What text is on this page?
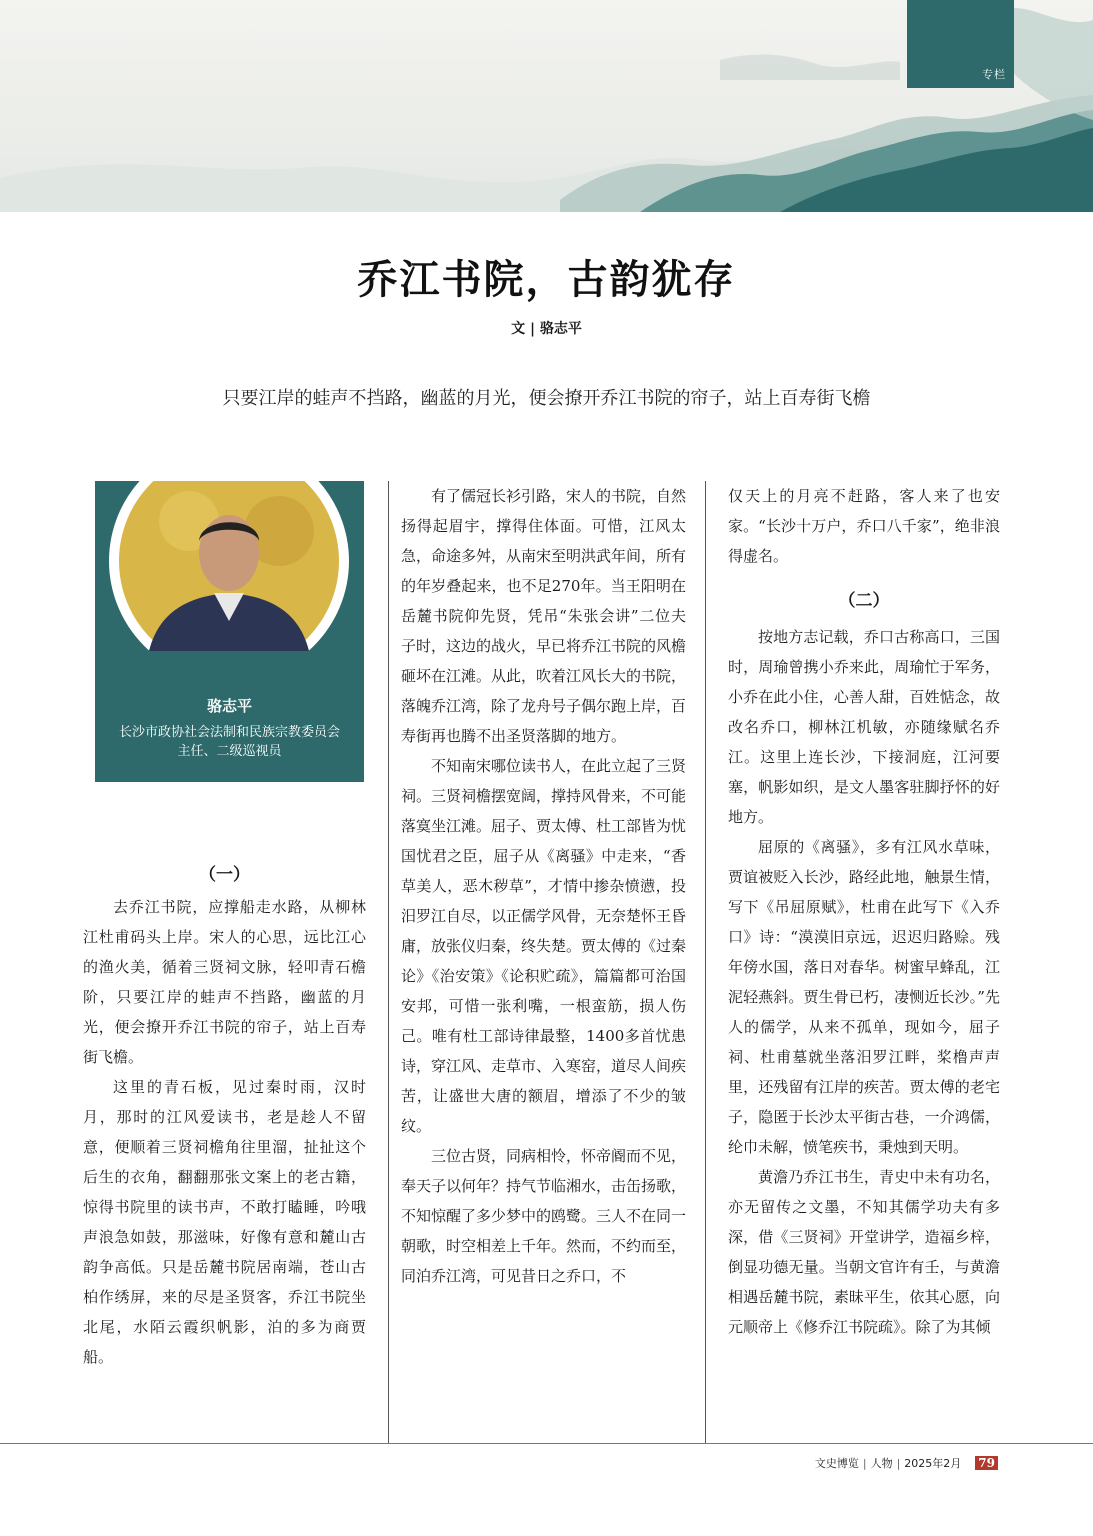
专栏
乔江书院，古韵犹存
文 | 骆志平
只要江岸的蛙声不挡路，幽蓝的月光，便会撩开乔江书院的帘子，站上百寿街飞檐
骆志平
长沙市政协社会法制和民族宗教委员会
主任、二级巡视员
（一）

去乔江书院，应撑船走水路，从柳林江杜甫码头上岸。宋人的心思，远比江心的渔火美，循着三贤祠文脉，轻叩青石檐阶，只要江岸的蛙声不挡路，幽蓝的月光，便会撩开乔江书院的帘子，站上百寿街飞檐。

这里的青石板，见过秦时雨，汉时月，那时的江风爱读书，老是趁人不留意，便顺着三贤祠檐角往里溜，扯扯这个后生的衣角，翻翻那张文案上的老古籍，惊得书院里的读书声，不敢打瞌睡，吟哦声浪急如鼓，那滋味，好像有意和麓山古韵争高低。只是岳麓书院居南端，苍山古柏作绣屏，来的尽是圣贤客，乔江书院坐北尾，水陌云霞织帆影，泊的多为商贾船。

有了儒冠长衫引路，宋人的书院，自然扬得起眉宇，撑得住体面。可惜，江风太急，命途多舛，从南宋至明洪武年间，所有的年岁叠起来，也不足270年。当王阳明在岳麓书院仰先贤，凭吊“朱张会讲”二位夫子时，这边的战火，早已将乔江书院的风檐砸坏在江滩。从此，吹着江风长大的书院，落魄乔江湾，除了龙舟号子偶尔跑上岸，百寿街再也腾不出圣贤落脚的地方。

不知南宋哪位读书人，在此立起了三贤祠。三贤祠檐摆宽阔，撑持风骨来，不可能落寞坐江滩。屈子、贾太傅、杜工部皆为忧国忧君之臣，屈子从《离骚》中走来，“香草美人，恶木秽草”，才情中掺杂愤懑，投汨罗江自尽，以正儒学风骨，无奈楚怀王昏庸，放张仪归秦，终失楚。贾太傅的《过秦论》《治安策》《论积贮疏》，篇篇都可治国安邦，可惜一张利嘴，一根蛮筋，损人伤己。唯有杜工部诗律最整，1400多首忧患诗，穿江风、走草市、入寒窑，道尽人间疾苦，让盛世大唐的额眉，增添了不少的皱纹。

三位古贤，同病相怜，怀帝阍而不见，奉天子以何年？持气节临湘水，击缶扬歌，不知惊醒了多少梦中的鸥鹭。三人不在同一朝歌，时空相差上千年。然而，不约而至，同泊乔江湾，可见昔日之乔口，不

仅天上的月亮不赶路，客人来了也安家。“长沙十万户，乔口八千家”，绝非浪得虚名。

（二）

按地方志记载，乔口古称高口，三国时，周瑜曾携小乔来此，周瑜忙于军务，小乔在此小住，心善人甜，百姓惦念，故改名乔口，柳林江机敏，亦随缘赋名乔江。这里上连长沙，下接洞庭，江河要塞，帆影如织，是文人墨客驻脚抒怀的好地方。

屈原的《离骚》，多有江风水草味，贾谊被贬入长沙，路经此地，触景生情，写下《吊屈原赋》，杜甫在此写下《入乔口》诗：“漠漠旧京远，迟迟归路赊。残年傍水国，落日对春华。树蜜早蜂乱，江泥轻燕斜。贾生骨已朽，凄恻近长沙。”先人的儒学，从来不孤单，现如今，屈子祠、杜甫墓就坐落汨罗江畔，桨橹声声里，还残留有江岸的疾苦。贾太傅的老宅子，隐匿于长沙太平街古巷，一介鸿儒，纶巾未解，愤笔疾书，秉烛到天明。

黄澹乃乔江书生，青史中未有功名，亦无留传之文墨，不知其儒学功夫有多深，借《三贤祠》开堂讲学，造福乡梓，倒显功德无量。当朝文官许有壬，与黄澹相遇岳麓书院，素昧平生，依其心愿，向元顺帝上《修乔江书院疏》。除了为其倾

文史博览 | 人物 | 2025年2月 79
